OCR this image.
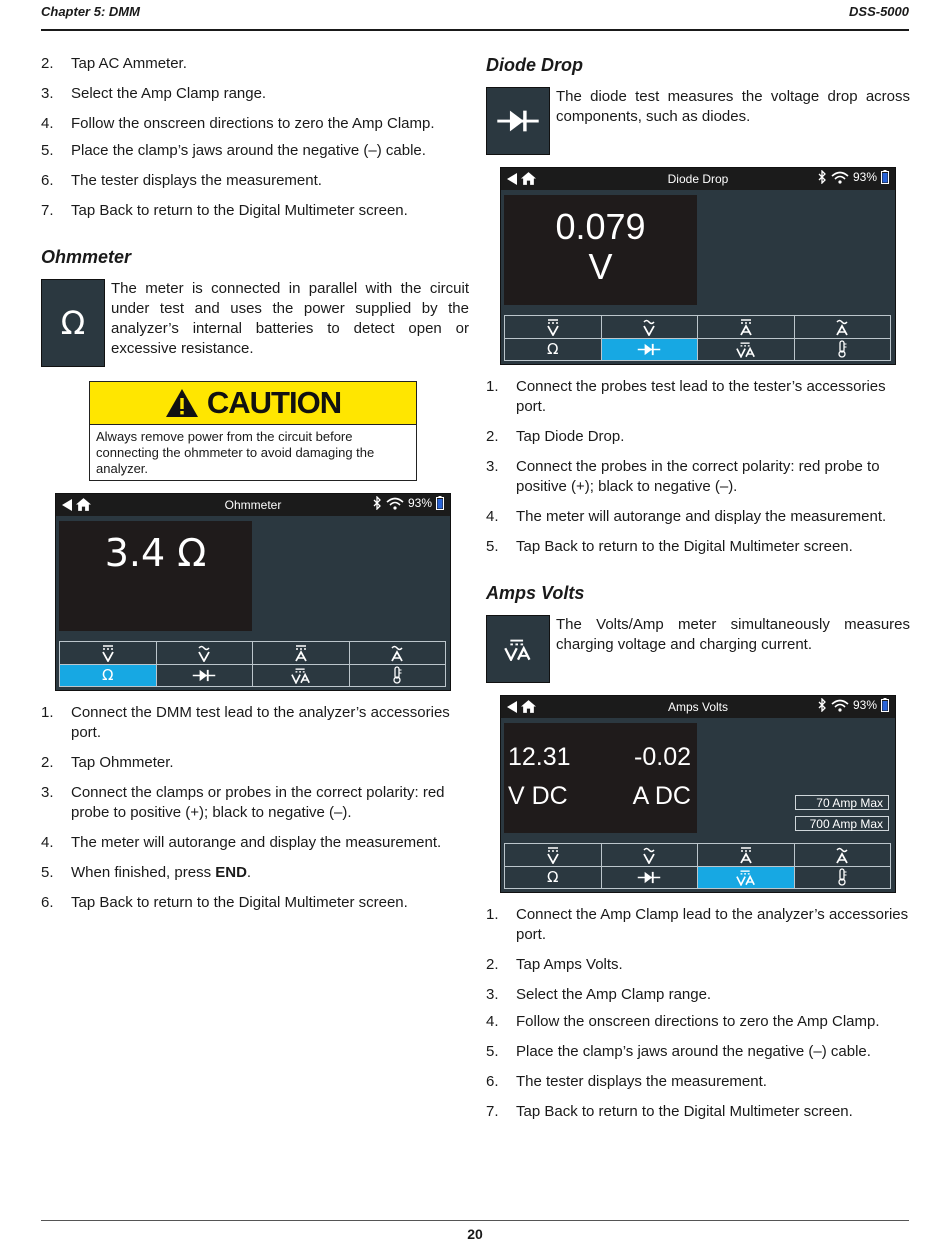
Chapter 5: DMM	DSS-5000
2. Tap AC Ammeter.
3. Select the Amp Clamp range.
4. Follow the onscreen directions to zero the Amp Clamp.
5. Place the clamp’s jaws around the negative (–) cable.
6. The tester displays the measurement.
7. Tap Back to return to the Digital Multimeter screen.
Ohmmeter
Ω
The meter is connected in parallel with the circuit under test and uses the power supplied by the analyzer’s internal batteries to detect open or excessive resistance.
CAUTION
Always remove power from the circuit before connecting the ohmmeter to avoid damaging the analyzer.
Ohmmeter	93%
3.4 Ω
Ω
1. Connect the DMM test lead to the analyzer’s accessories port.
2. Tap Ohmmeter.
3. Connect the clamps or probes in the correct polarity: red probe to positive (+); black to negative (–).
4. The meter will autorange and display the measurement.
5. When finished, press END.
6. Tap Back to return to the Digital Multimeter screen.
Diode Drop
The diode test measures the voltage drop across components, such as diodes.
Diode Drop	93%
0.079
V
Ω
1. Connect the probes test lead to the tester’s accessories port.
2. Tap Diode Drop.
3. Connect the probes in the correct polarity: red probe to positive (+); black to negative (–).
4. The meter will autorange and display the measurement.
5. Tap Back to return to the Digital Multimeter screen.
Amps Volts
The Volts/Amp meter simultaneously measures charging voltage and charging current.
Amps Volts	93%
12.31
V DC
-0.02
A DC	70 Amp Max
700 Amp Max
Ω
1. Connect the Amp Clamp lead to the analyzer’s accessories port.
2. Tap Amps Volts.
3. Select the Amp Clamp range.
4. Follow the onscreen directions to zero the Amp Clamp.
5. Place the clamp’s jaws around the negative (–) cable.
6. The tester displays the measurement.
7. Tap Back to return to the Digital Multimeter screen.
20
